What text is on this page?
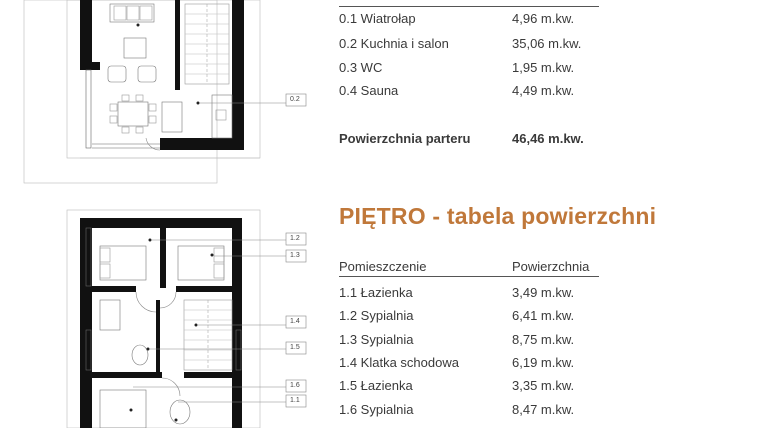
0.2
1.2
1.3
1.4
1.5
1.6
1.1
0.1 Wiatrołap	4,96 m.kw.
0.2 Kuchnia i salon	35,06 m.kw.
0.3 WC	1,95 m.kw.
0.4 Sauna	4,49 m.kw.
Powierzchnia parteru	46,46 m.kw.
PIĘTRO - tabela powierzchni
Pomieszczenie	Powierzchnia
1.1 Łazienka	3,49 m.kw.
1.2 Sypialnia	6,41 m.kw.
1.3 Sypialnia	8,75 m.kw.
1.4 Klatka schodowa	6,19 m.kw.
1.5 Łazienka	3,35 m.kw.
1.6 Sypialnia	8,47 m.kw.
